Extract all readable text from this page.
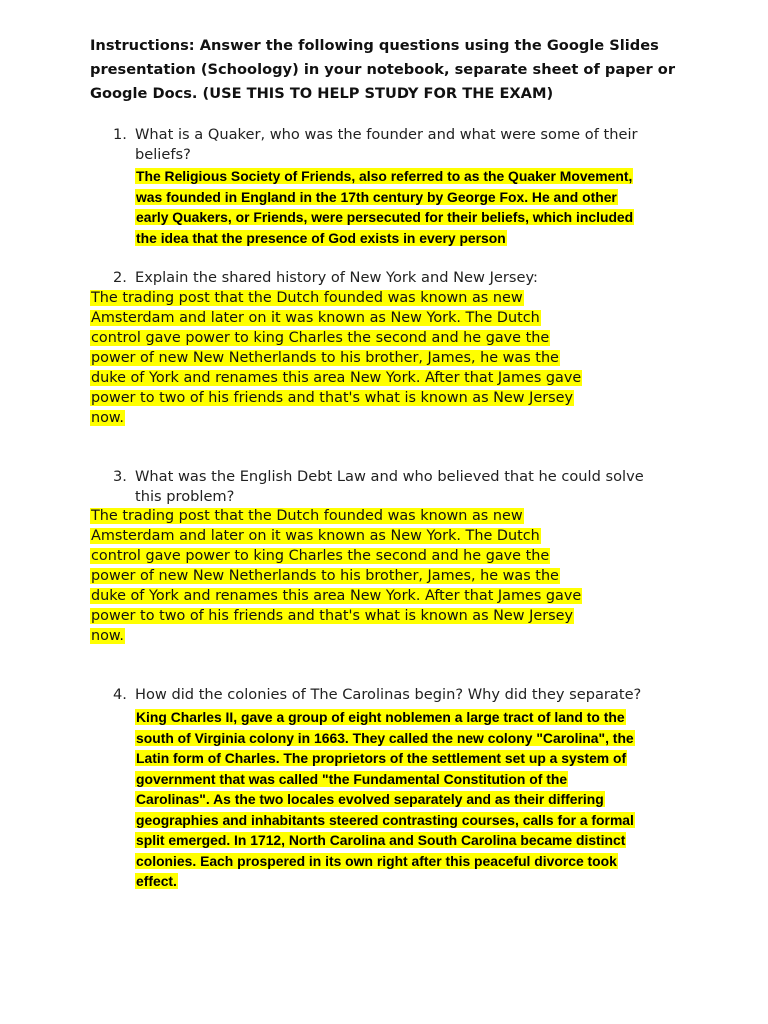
Instructions: Answer the following questions using the Google Slides
presentation (Schoology) in your notebook, separate sheet of paper or
Google Docs. (USE THIS TO HELP STUDY FOR THE EXAM)
1. What is a Quaker, who was the founder and what were some of their
beliefs?
The Religious Society of Friends, also referred to as the Quaker Movement,
was founded in England in the 17th century by George Fox. He and other
early Quakers, or Friends, were persecuted for their beliefs, which included
the idea that the presence of God exists in every person
2. Explain the shared history of New York and New Jersey:
The trading post that the Dutch founded was known as new
Amsterdam and later on it was known as New York. The Dutch
control gave power to king Charles the second and he gave the
power of new New Netherlands to his brother, James, he was the
duke of York and renames this area New York. After that James gave
power to two of his friends and that's what is known as New Jersey
now.
3. What was the English Debt Law and who believed that he could solve
this problem?
The trading post that the Dutch founded was known as new
Amsterdam and later on it was known as New York. The Dutch
control gave power to king Charles the second and he gave the
power of new New Netherlands to his brother, James, he was the
duke of York and renames this area New York. After that James gave
power to two of his friends and that's what is known as New Jersey
now.
4. How did the colonies of The Carolinas begin? Why did they separate?
King Charles II, gave a group of eight noblemen a large tract of land to the
south of Virginia colony in 1663. They called the new colony "Carolina", the
Latin form of Charles. The proprietors of the settlement set up a system of
government that was called "the Fundamental Constitution of the
Carolinas". As the two locales evolved separately and as their differing
geographies and inhabitants steered contrasting courses, calls for a formal
split emerged. In 1712, North Carolina and South Carolina became distinct
colonies. Each prospered in its own right after this peaceful divorce took
effect.
